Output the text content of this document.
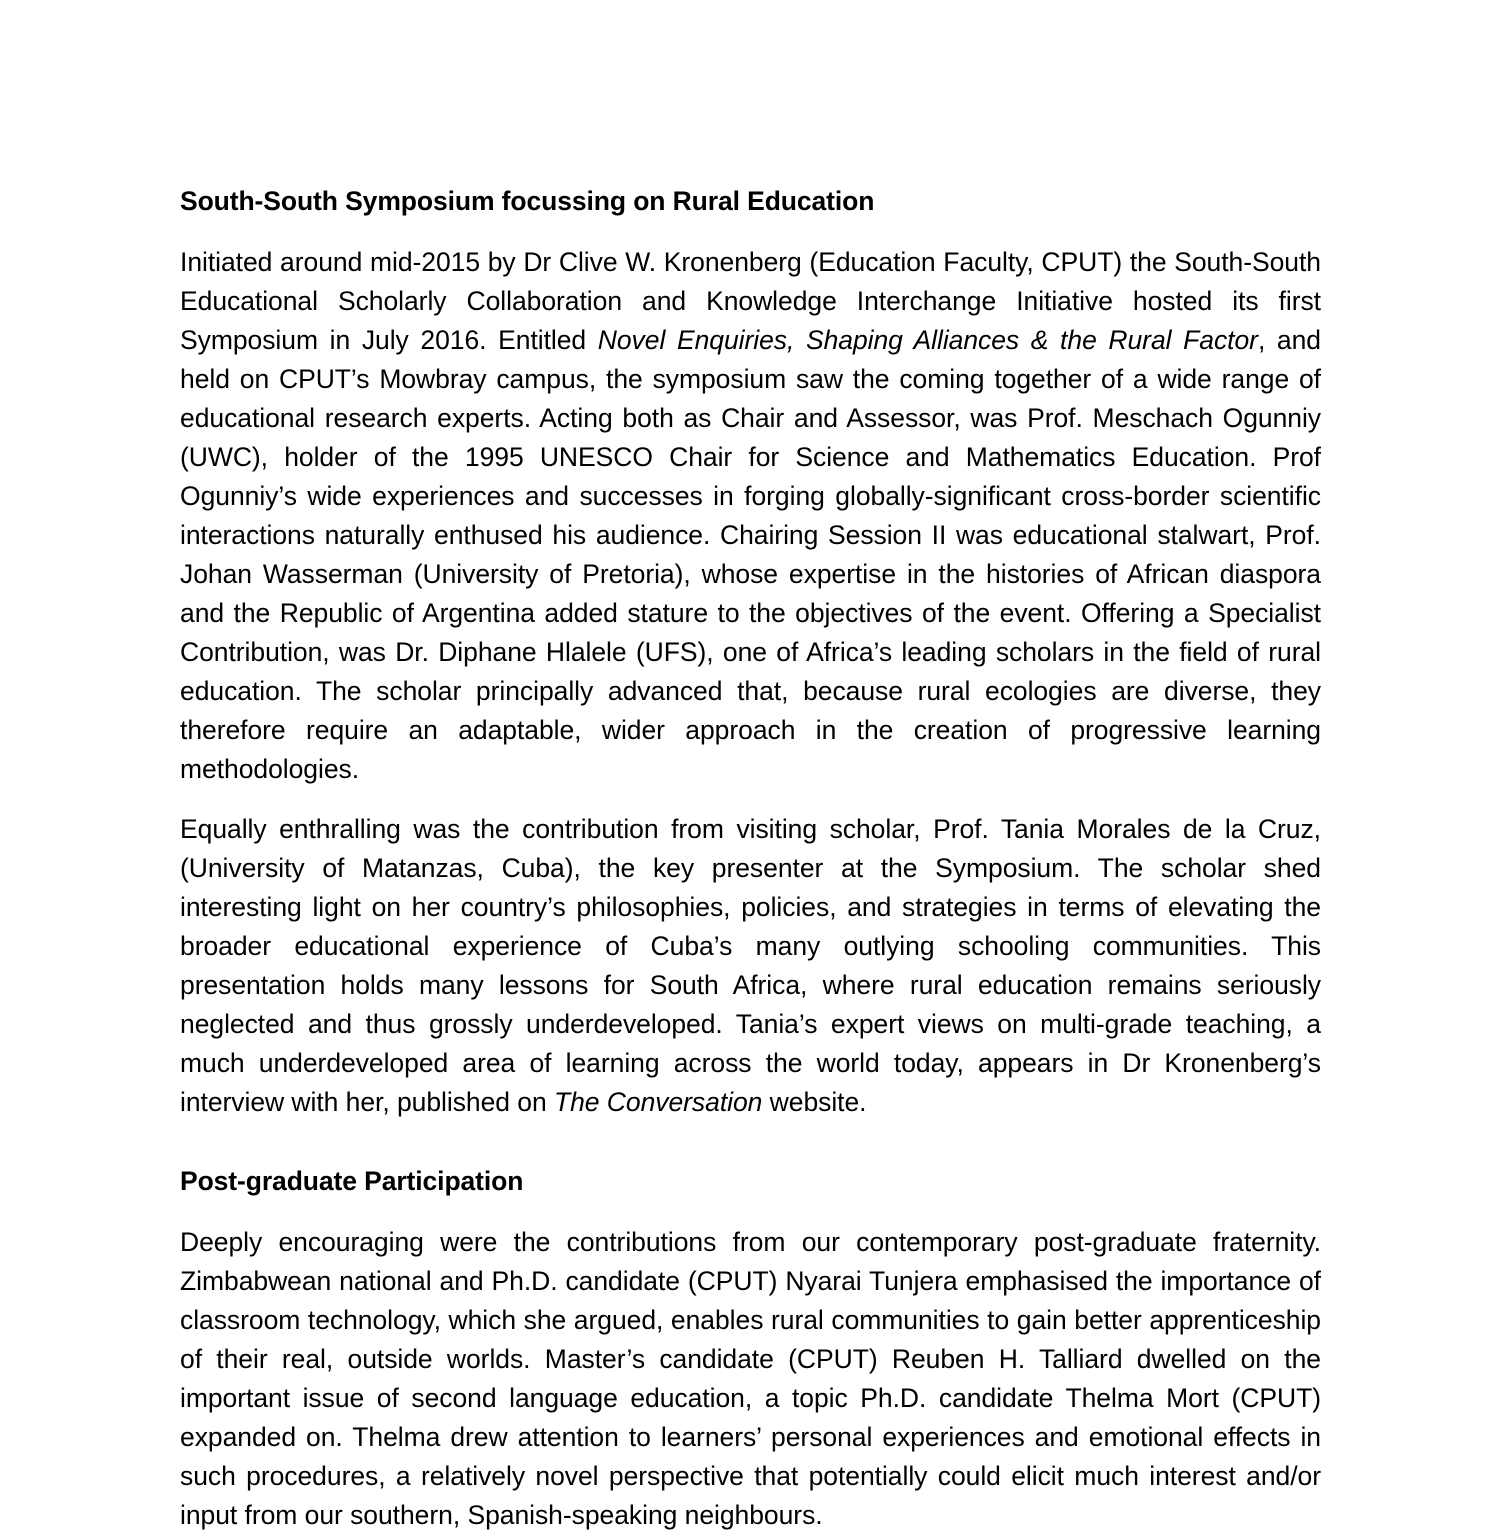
South-South Symposium focussing on Rural Education

Initiated around mid-2015 by Dr Clive W. Kronenberg (Education Faculty, CPUT) the South-South Educational Scholarly Collaboration and Knowledge Interchange Initiative hosted its first Symposium in July 2016. Entitled Novel Enquiries, Shaping Alliances & the Rural Factor, and held on CPUT’s Mowbray campus, the symposium saw the coming together of a wide range of educational research experts. Acting both as Chair and Assessor, was Prof. Meschach Ogunniy (UWC), holder of the 1995 UNESCO Chair for Science and Mathematics Education. Prof Ogunniy’s wide experiences and successes in forging globally-significant cross-border scientific interactions naturally enthused his audience. Chairing Session II was educational stalwart, Prof. Johan Wasserman (University of Pretoria), whose expertise in the histories of African diaspora and the Republic of Argentina added stature to the objectives of the event. Offering a Specialist Contribution, was Dr. Diphane Hlalele (UFS), one of Africa’s leading scholars in the field of rural education. The scholar principally advanced that, because rural ecologies are diverse, they therefore require an adaptable, wider approach in the creation of progressive learning methodologies.

Equally enthralling was the contribution from visiting scholar, Prof. Tania Morales de la Cruz, (University of Matanzas, Cuba), the key presenter at the Symposium. The scholar shed interesting light on her country’s philosophies, policies, and strategies in terms of elevating the broader educational experience of Cuba’s many outlying schooling communities. This presentation holds many lessons for South Africa, where rural education remains seriously neglected and thus grossly underdeveloped. Tania’s expert views on multi-grade teaching, a much underdeveloped area of learning across the world today, appears in Dr Kronenberg’s interview with her, published on The Conversation website.

Post-graduate Participation

Deeply encouraging were the contributions from our contemporary post-graduate fraternity. Zimbabwean national and Ph.D. candidate (CPUT) Nyarai Tunjera emphasised the importance of classroom technology, which she argued, enables rural communities to gain better apprenticeship of their real, outside worlds. Master’s candidate (CPUT) Reuben H. Talliard dwelled on the important issue of second language education, a topic Ph.D. candidate Thelma Mort (CPUT) expanded on. Thelma drew attention to learners’ personal experiences and emotional effects in such procedures, a relatively novel perspective that potentially could elicit much interest and/or input from our southern, Spanish-speaking neighbours.
